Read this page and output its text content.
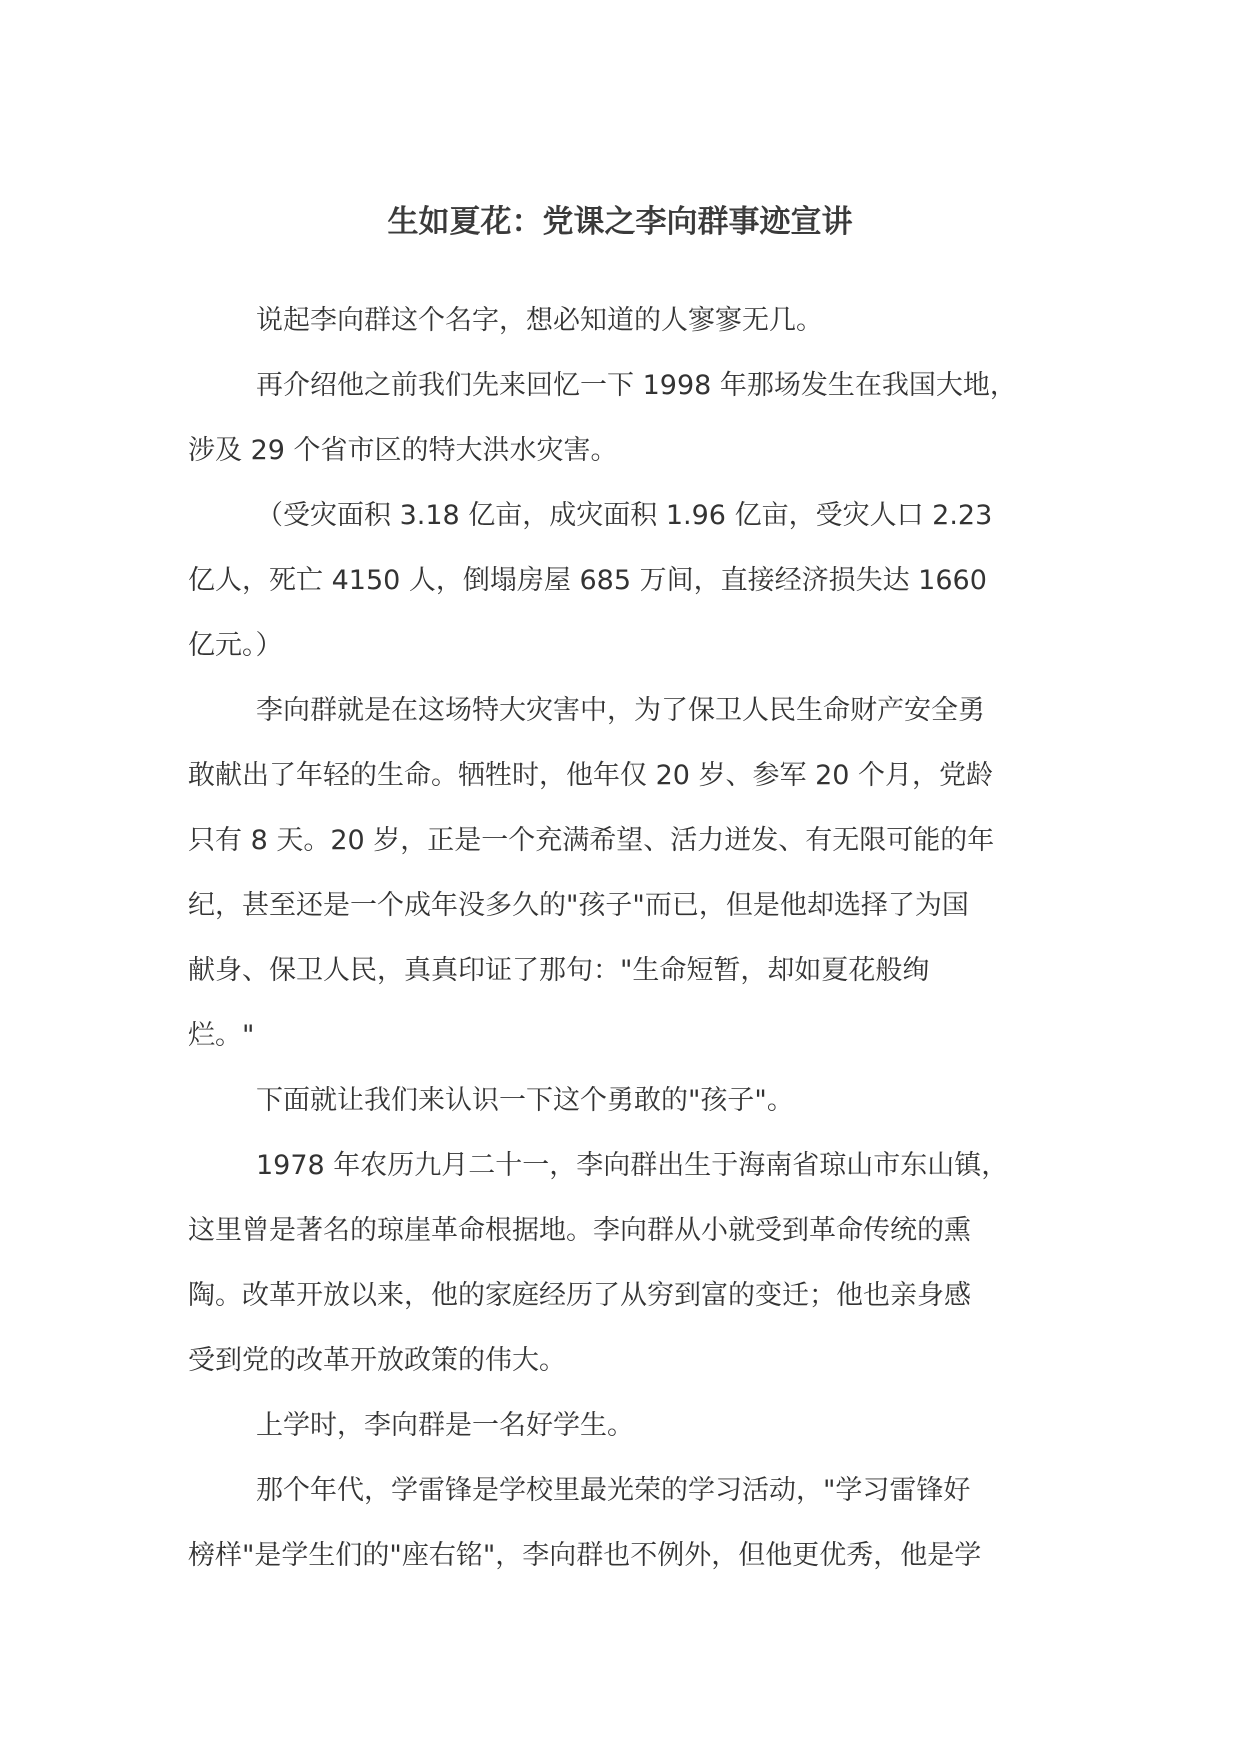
生如夏花：党课之李向群事迹宣讲

说起李向群这个名字，想必知道的人寥寥无几。

再介绍他之前我们先来回忆一下 1998 年那场发生在我国大地，

涉及 29 个省市区的特大洪水灾害。

（受灾面积 3.18 亿亩，成灾面积 1.96 亿亩，受灾人口 2.23

亿人，死亡 4150 人，倒塌房屋 685 万间，直接经济损失达 1660

亿元。）

李向群就是在这场特大灾害中，为了保卫人民生命财产安全勇

敢献出了年轻的生命。牺牲时，他年仅 20 岁、参军 20 个月，党龄

只有 8 天。20 岁，正是一个充满希望、活力迸发、有无限可能的年

纪，甚至还是一个成年没多久的"孩子"而已，但是他却选择了为国

献身、保卫人民，真真印证了那句："生命短暂，却如夏花般绚

烂。"

下面就让我们来认识一下这个勇敢的"孩子"。

1978 年农历九月二十一，李向群出生于海南省琼山市东山镇，

这里曾是著名的琼崖革命根据地。李向群从小就受到革命传统的熏

陶。改革开放以来，他的家庭经历了从穷到富的变迁；他也亲身感

受到党的改革开放政策的伟大。

上学时，李向群是一名好学生。

那个年代，学雷锋是学校里最光荣的学习活动，"学习雷锋好

榜样"是学生们的"座右铭"，李向群也不例外，但他更优秀，他是学
